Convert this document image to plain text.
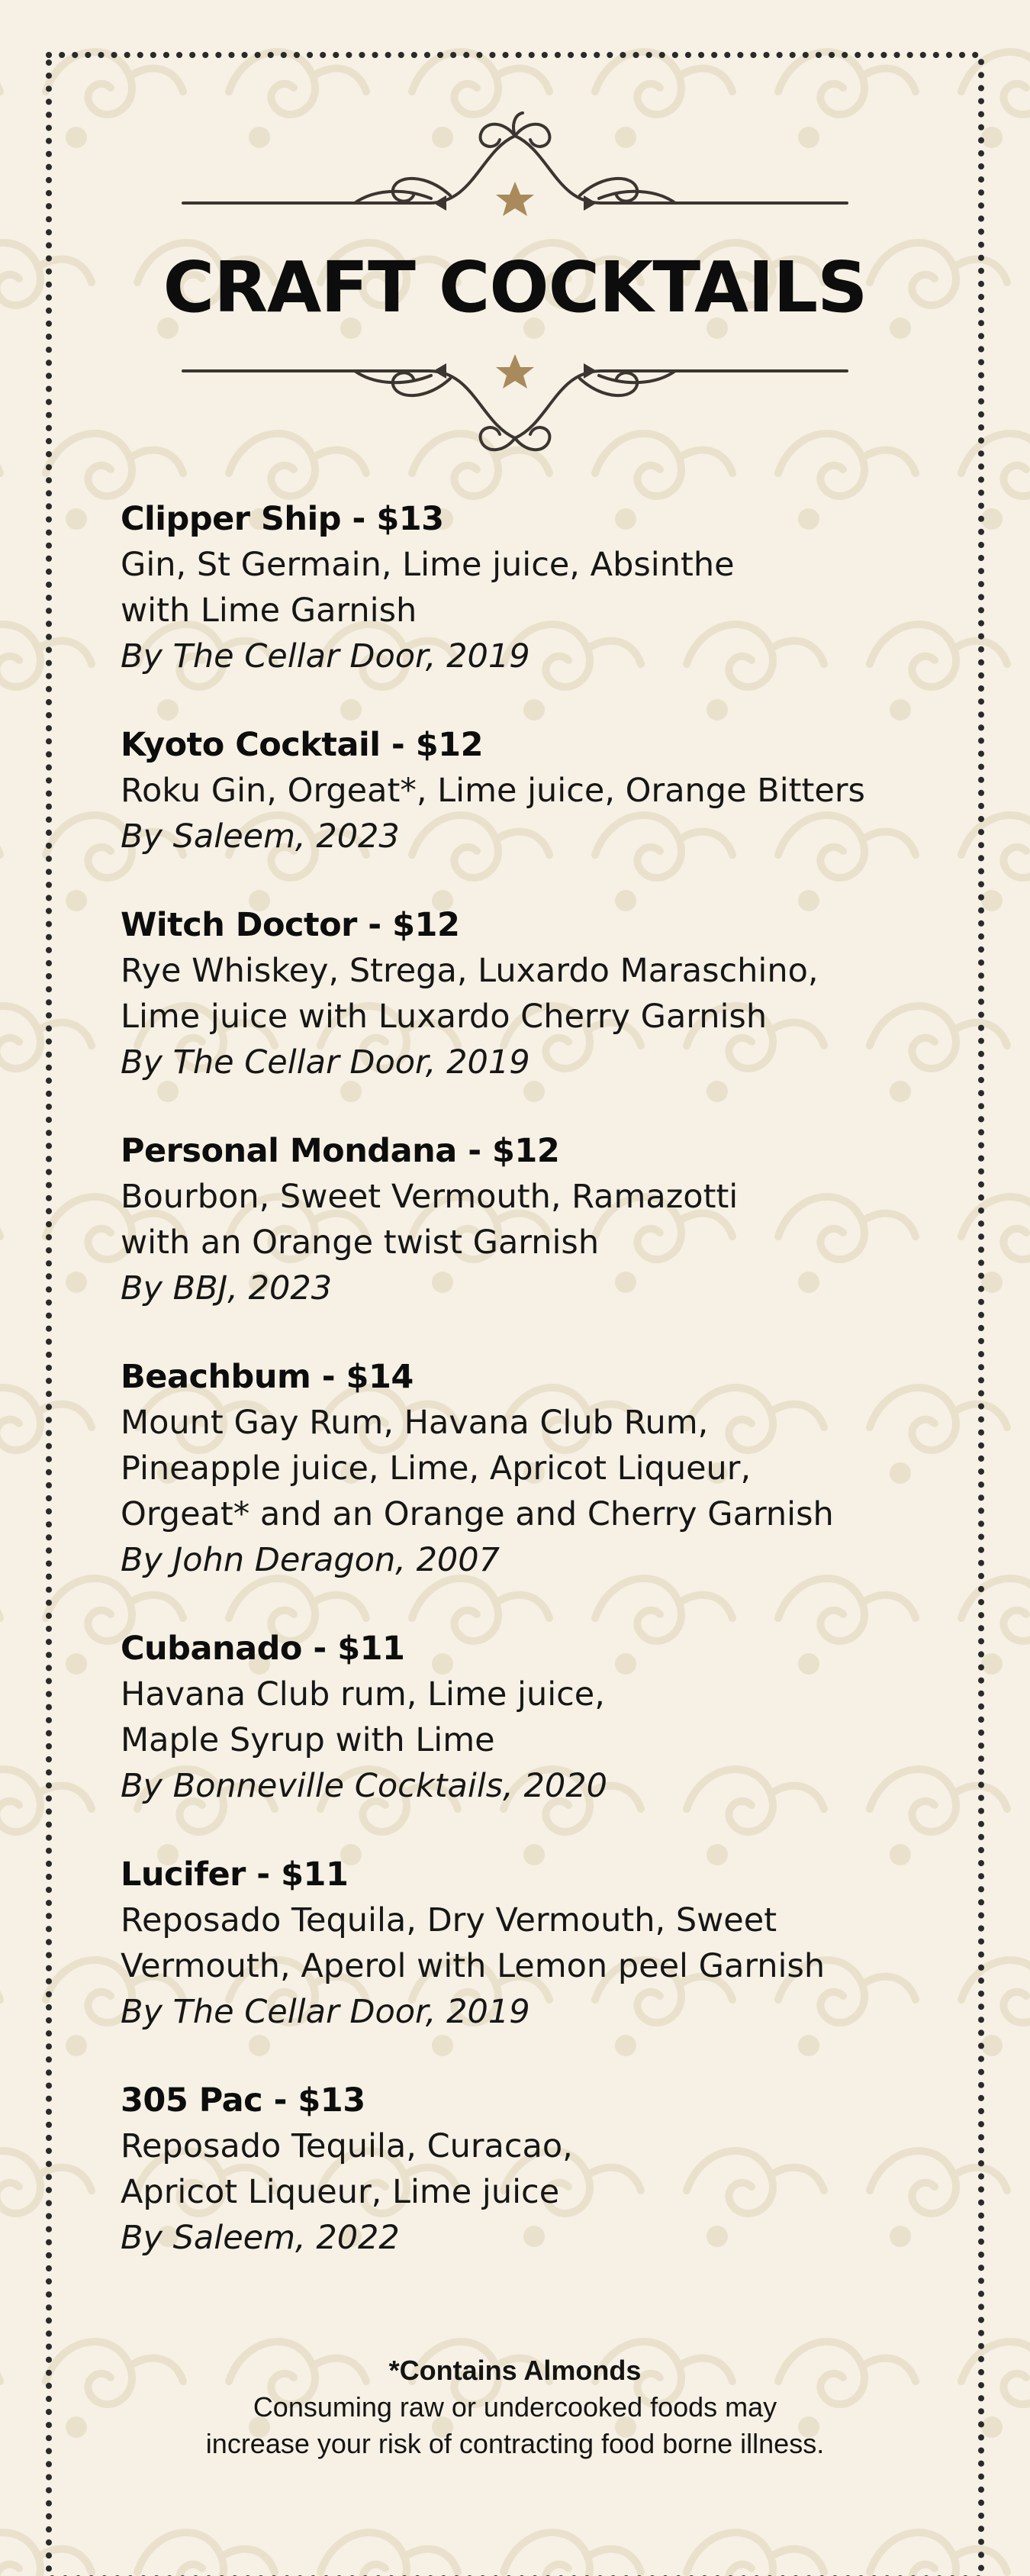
CRAFT COCKTAILS
Clipper Ship - $13
Gin, St Germain, Lime juice, Absinthe
with Lime Garnish
By The Cellar Door, 2019
Kyoto Cocktail - $12
Roku Gin, Orgeat*, Lime juice, Orange Bitters
By Saleem, 2023
Witch Doctor - $12
Rye Whiskey, Strega, Luxardo Maraschino,
Lime juice with Luxardo Cherry Garnish
By The Cellar Door, 2019
Personal Mondana - $12
Bourbon, Sweet Vermouth, Ramazotti
with an Orange twist Garnish
By BBJ, 2023
Beachbum - $14
Mount Gay Rum, Havana Club Rum,
Pineapple juice, Lime, Apricot Liqueur,
Orgeat* and an Orange and Cherry Garnish
By John Deragon, 2007
Cubanado - $11
Havana Club rum, Lime juice,
Maple Syrup with Lime
By Bonneville Cocktails, 2020
Lucifer - $11
Reposado Tequila, Dry Vermouth, Sweet
Vermouth, Aperol with Lemon peel Garnish
By The Cellar Door, 2019
305 Pac - $13
Reposado Tequila, Curacao,
Apricot Liqueur, Lime juice
By Saleem, 2022
*Contains Almonds
Consuming raw or undercooked foods may
increase your risk of contracting food borne illness.
